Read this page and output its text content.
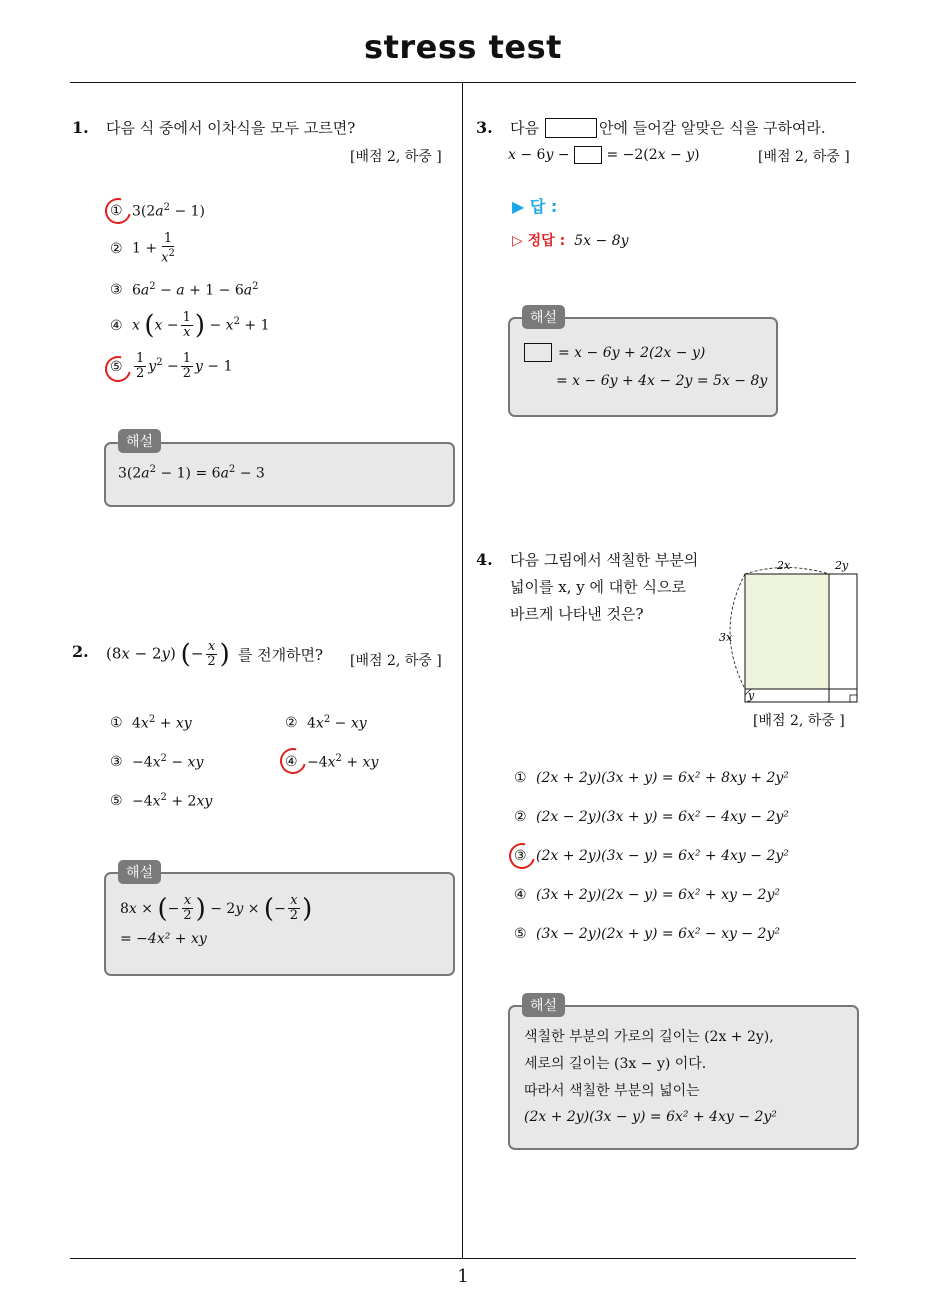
stress test
1
1. 다음 식 중에서 이차식을 모두 고르면?
[배점 2, 하중 ]
① $3(2a^2 - 1)$
② $1 + \frac{1}{x^2}$
③ $6a^2 - a + 1 - 6a^2$
④ x ($x - \frac{1}{x}$ ) − $x^2 + 1$
⑤ $\frac{1}{2} y^2 - \frac{1}{2}$ y − 1
$3(2a^2 - 1) = 6a^2 - 3$
해설
2. (8x − 2y) (− $\frac{x}{2}$ ) 를 전개하면? [배점 2, 하중 ]
① $4x^2$ + xy	② $4x^2$ − xy
③ $-4x^2$ − xy	④ $-4x^2$ + xy
⑤ $-4x^2 + 2xy$
8 x × ( − $\frac{x}{2}$ ) − 2 y × ( − $\frac{x}{2}$ )
= −4x² + xy
해설
3. 다음	안에 들어갈 알맞은 식을 구하여라.
x − 6 y − = −2(2 x − y )	[배점 2, 하중 ]
▶ 답 :
▷ 정답 : 5x − 8y
= x − 6y + 2(2x − y)
= x − 6y + 4x − 2y = 5x − 8y
해설
4. 다음 그림에서 색칠한 부분의
넓이를 x, y 에 대한 식으로
바르게 나타낸 것은?
2x	2y
3x
y
[배점 2, 하중 ]
① (2x + 2y)(3x + y) = 6x² + 8xy + 2y²
② (2x − 2y)(3x + y) = 6x² − 4xy − 2y²
③ (2x + 2y)(3x − y) = 6x² + 4xy − 2y²
④ (3x + 2y)(2x − y) = 6x² + xy − 2y²
⑤ (3x − 2y)(2x + y) = 6x² − xy − 2y²
색칠한 부분의 가로의 길이는 (2x + 2y),
세로의 길이는 (3x − y) 이다.
따라서 색칠한 부분의 넓이는
(2x + 2y)(3x − y) = 6x² + 4xy − 2y²
해설
